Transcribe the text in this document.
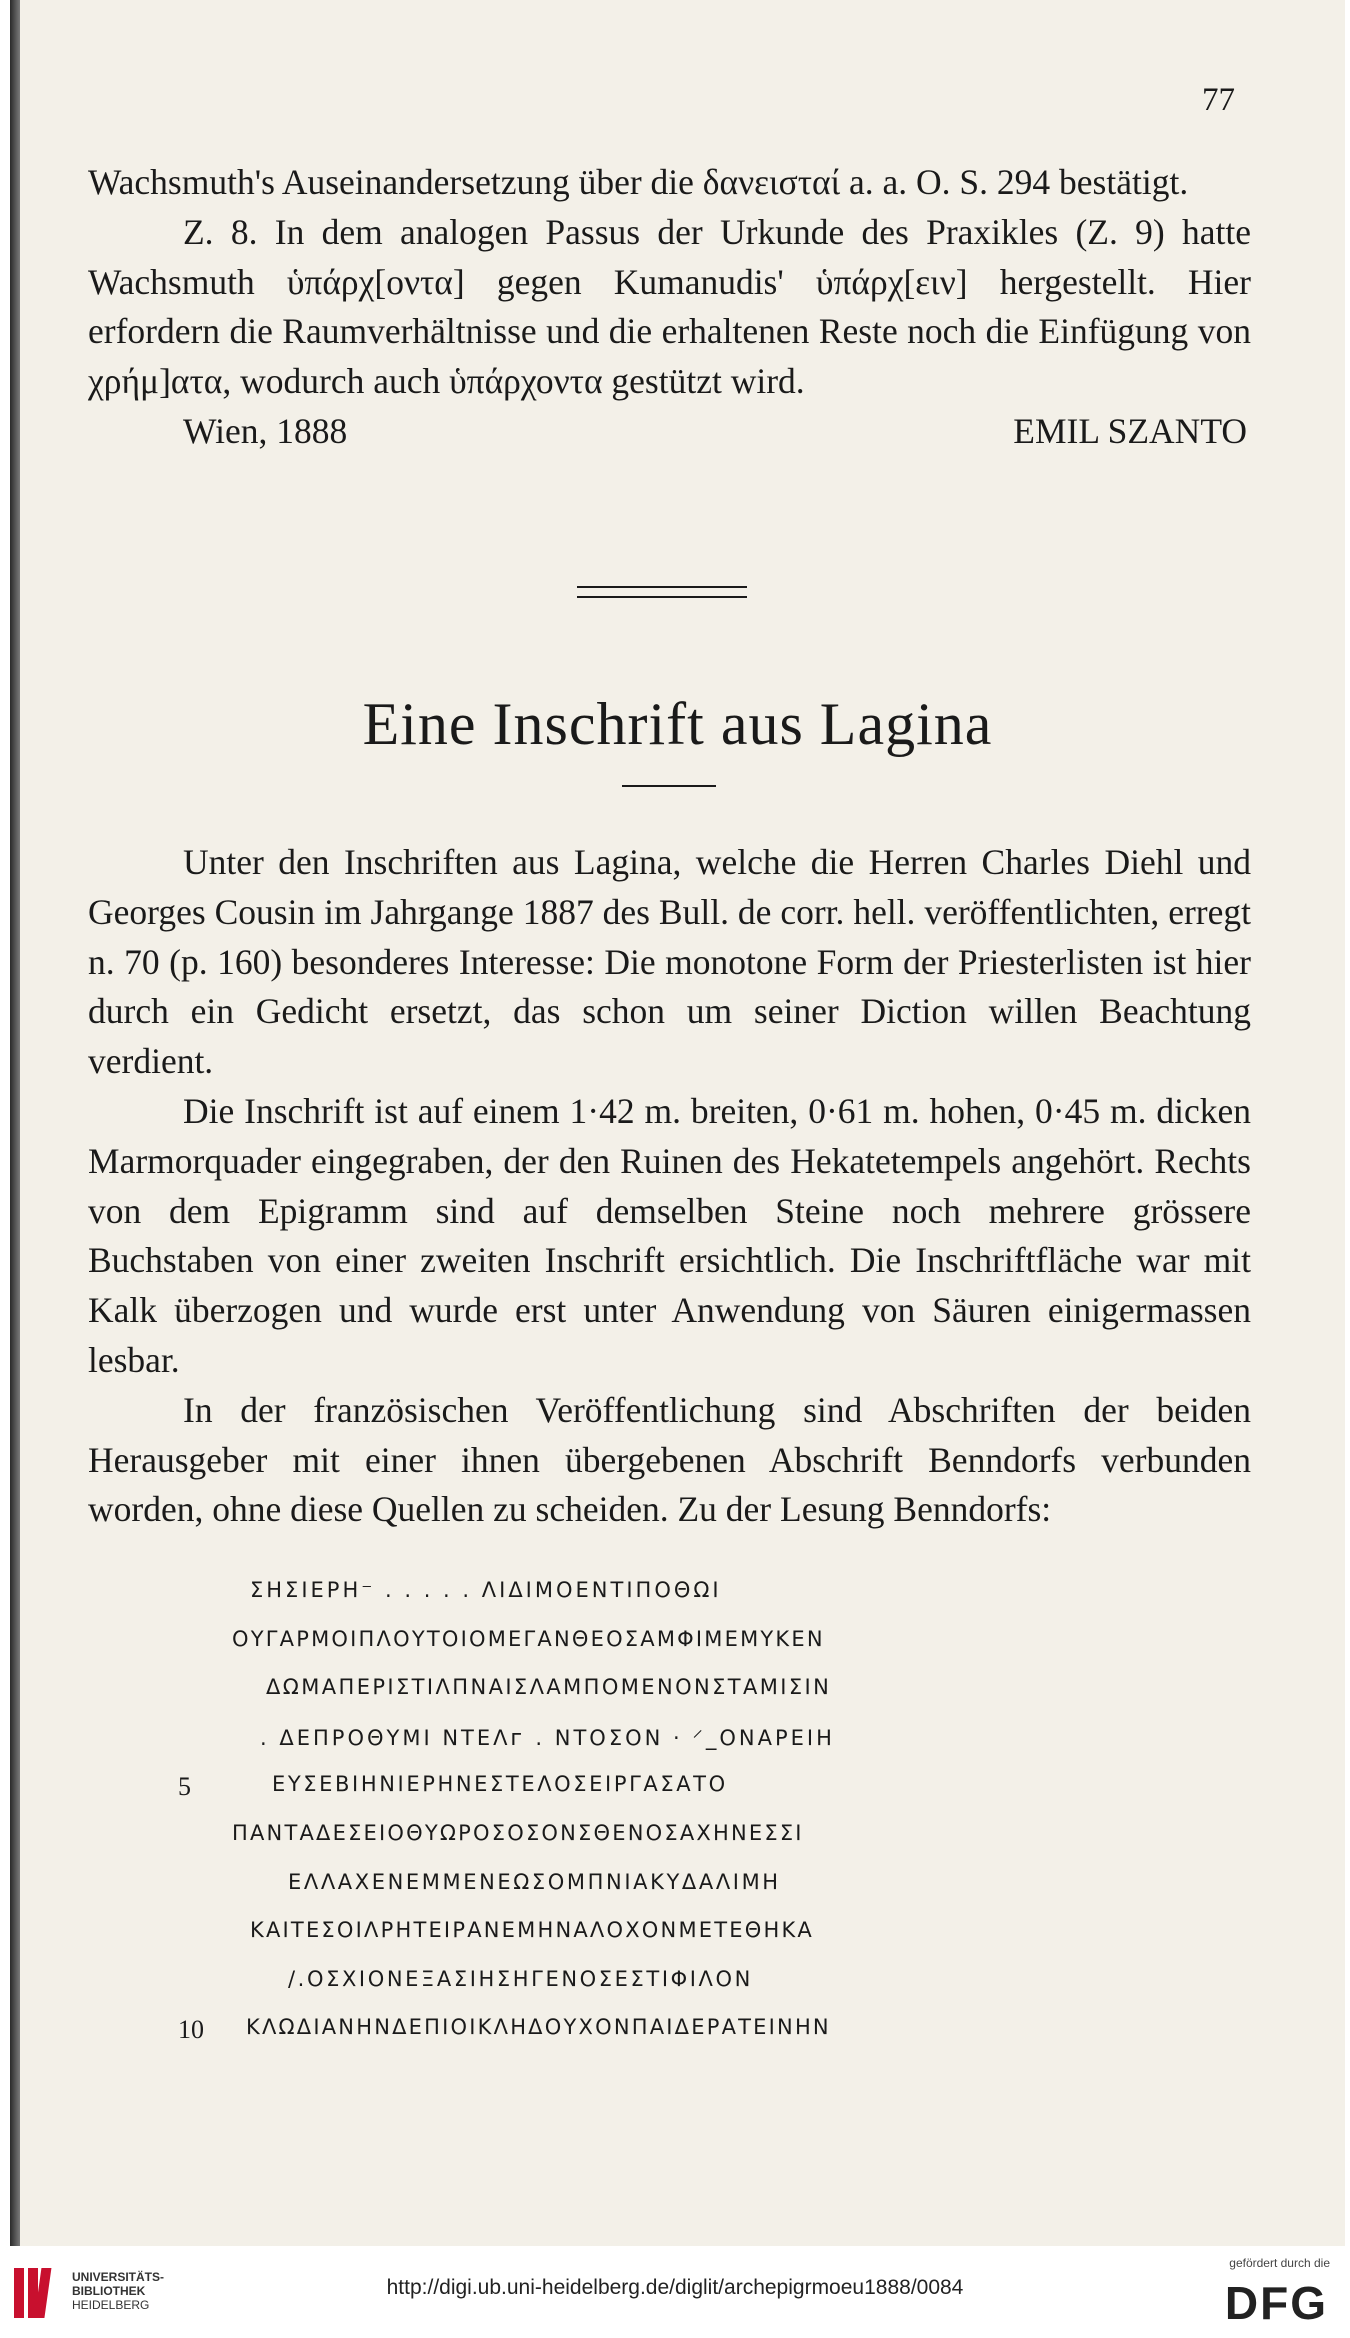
77

Wachsmuth's Auseinandersetzung über die δανεισταί a. a. O. S. 294 bestätigt.

Z. 8. In dem analogen Passus der Urkunde des Praxikles (Z. 9) hatte Wachsmuth ὑπάρχ[οντα] gegen Kumanudis' ὑπάρχ[ειν] hergestellt. Hier erfordern die Raumverhältnisse und die erhaltenen Reste noch die Einfügung von χρήμ]ατα, wodurch auch ὑπάρχοντα gestützt wird.

Wien, 1888	EMIL SZANTO
Eine Inschrift aus Lagina

Unter den Inschriften aus Lagina, welche die Herren Charles Diehl und Georges Cousin im Jahrgange 1887 des Bull. de corr. hell. veröffentlichten, erregt n. 70 (p. 160) besonderes Interesse: Die monotone Form der Priesterlisten ist hier durch ein Gedicht ersetzt, das schon um seiner Diction willen Beachtung verdient.

Die Inschrift ist auf einem 1·42 m. breiten, 0·61 m. hohen, 0·45 m. dicken Marmorquader eingegraben, der den Ruinen des Hekatetempels angehört. Rechts von dem Epigramm sind auf demselben Steine noch mehrere grössere Buchstaben von einer zweiten Inschrift ersichtlich. Die Inschriftfläche war mit Kalk überzogen und wurde erst unter Anwendung von Säuren einigermassen lesbar.

In der französischen Veröffentlichung sind Abschriften der beiden Herausgeber mit einer ihnen übergebenen Abschrift Benndorfs verbunden worden, ohne diese Quellen zu scheiden. Zu der Lesung Benndorfs:

ΣΗΣΙΕΡΗ⁻ . . . . . ΛΙΔΙΜΟΕΝΤΙΠΟΘΩΙ
ΟΥΓΑΡΜΟΙΠΛΟΥΤΟΙΟΜΕΓΑΝΘΕΟΣΑΜΦΙΜΕΜΥΚΕΝ
ΔΩΜΑΠΕΡΙΣΤΙΛΠΝΑΙΣΛΑΜΠΟΜΕΝΟΝΣΤΑΜΙΣΙΝ
. ΔΕΠΡΟΘΥΜΙ ΝΤΕΛᴦ . ΝΤΟΣΟΝ · ⸍_ΟΝΑΡΕΙΗ
5	ΕΥΣΕΒΙΗΝΙΕΡΗΝΕΣΤΕΛΟΣΕΙΡΓΑΣΑΤΟ
ΠΑΝΤΑΔΕΣΕΙΟΘΥΩΡΟΣΟΣΟΝΣΘΕΝΟΣΑΧΗΝΕΣΣΙ
ΕΛΛΑΧΕΝΕΜΜΕΝΕΩΣΟΜΠΝΙΑΚΥΔΑΛΙΜΗ
ΚΑΙΤΕΣΟΙΛΡΗΤΕΙΡΑΝΕΜΗΝΑΛΟΧΟΝΜΕΤΕΘΗΚΑ
/.ΟΣΧΙΟΝΕΞΑΣΙΗΣΗΓΕΝΟΣΕΣΤΙΦΙΛΟΝ
10 ΚΛΩΔΙΑΝΗΝΔΕΠΙΟΙΚΛΗΔΟΥΧΟΝΠΑΙΔΕΡΑΤΕΙΝΗΝ
UNIVERSITÄTS-
BIBLIOTHEK
HEIDELBERG
http://digi.ub.uni-heidelberg.de/diglit/archepigrmoeu1888/0084
gefördert durch die
DFG
